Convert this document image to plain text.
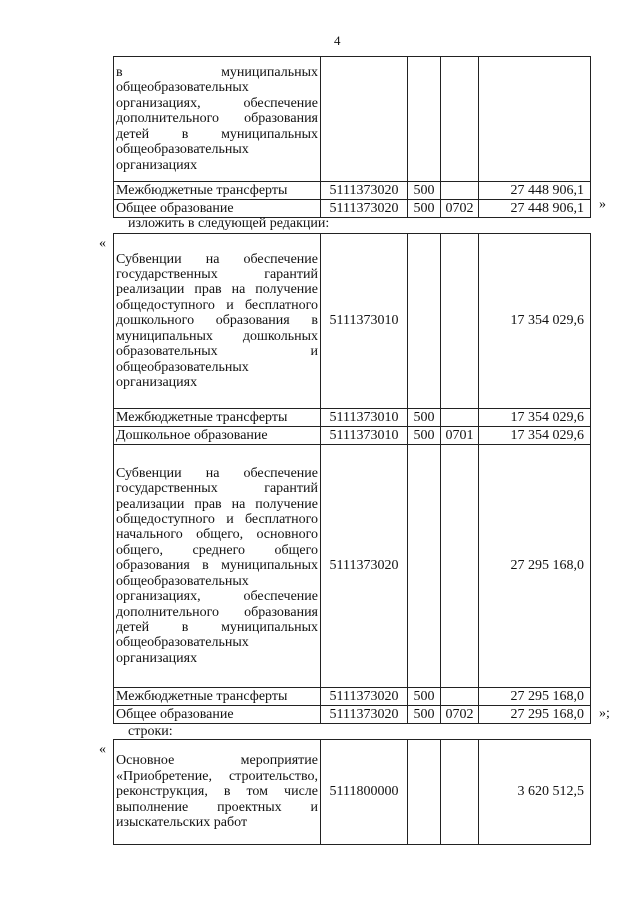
4
в муниципальных общеобразовательных организациях, обеспечение дополнительного образования детей в муниципальных общеобразовательных организациях				
Межбюджетные трансферты	5111373020	500		27 448 906,1
Общее образование	5111373020	500	0702	27 448 906,1 »
изложить в следующей редакции:
«
Субвенции на обеспечение государственных гарантий реализации прав на получение общедоступного и бесплатного дошкольного образования в муниципальных дошкольных образовательных и общеобразовательных организациях	5111373010			17 354 029,6
Межбюджетные трансферты	5111373010	500		17 354 029,6
Дошкольное образование	5111373010	500	0701	17 354 029,6
Субвенции на обеспечение государственных гарантий реализации прав на получение общедоступного и бесплатного начального общего, основного общего, среднего общего образования в муниципальных общеобразовательных организациях, обеспечение дополнительного образования детей в муниципальных общеобразовательных организациях	5111373020			27 295 168,0
Межбюджетные трансферты	5111373020	500		27 295 168,0
Общее образование	5111373020	500	0702	27 295 168,0 »;
строки:
«
Основное мероприятие «Приобретение, строительство, реконструкция, в том числе выполнение проектных и изыскательских работ	5111800000			3 620 512,5
